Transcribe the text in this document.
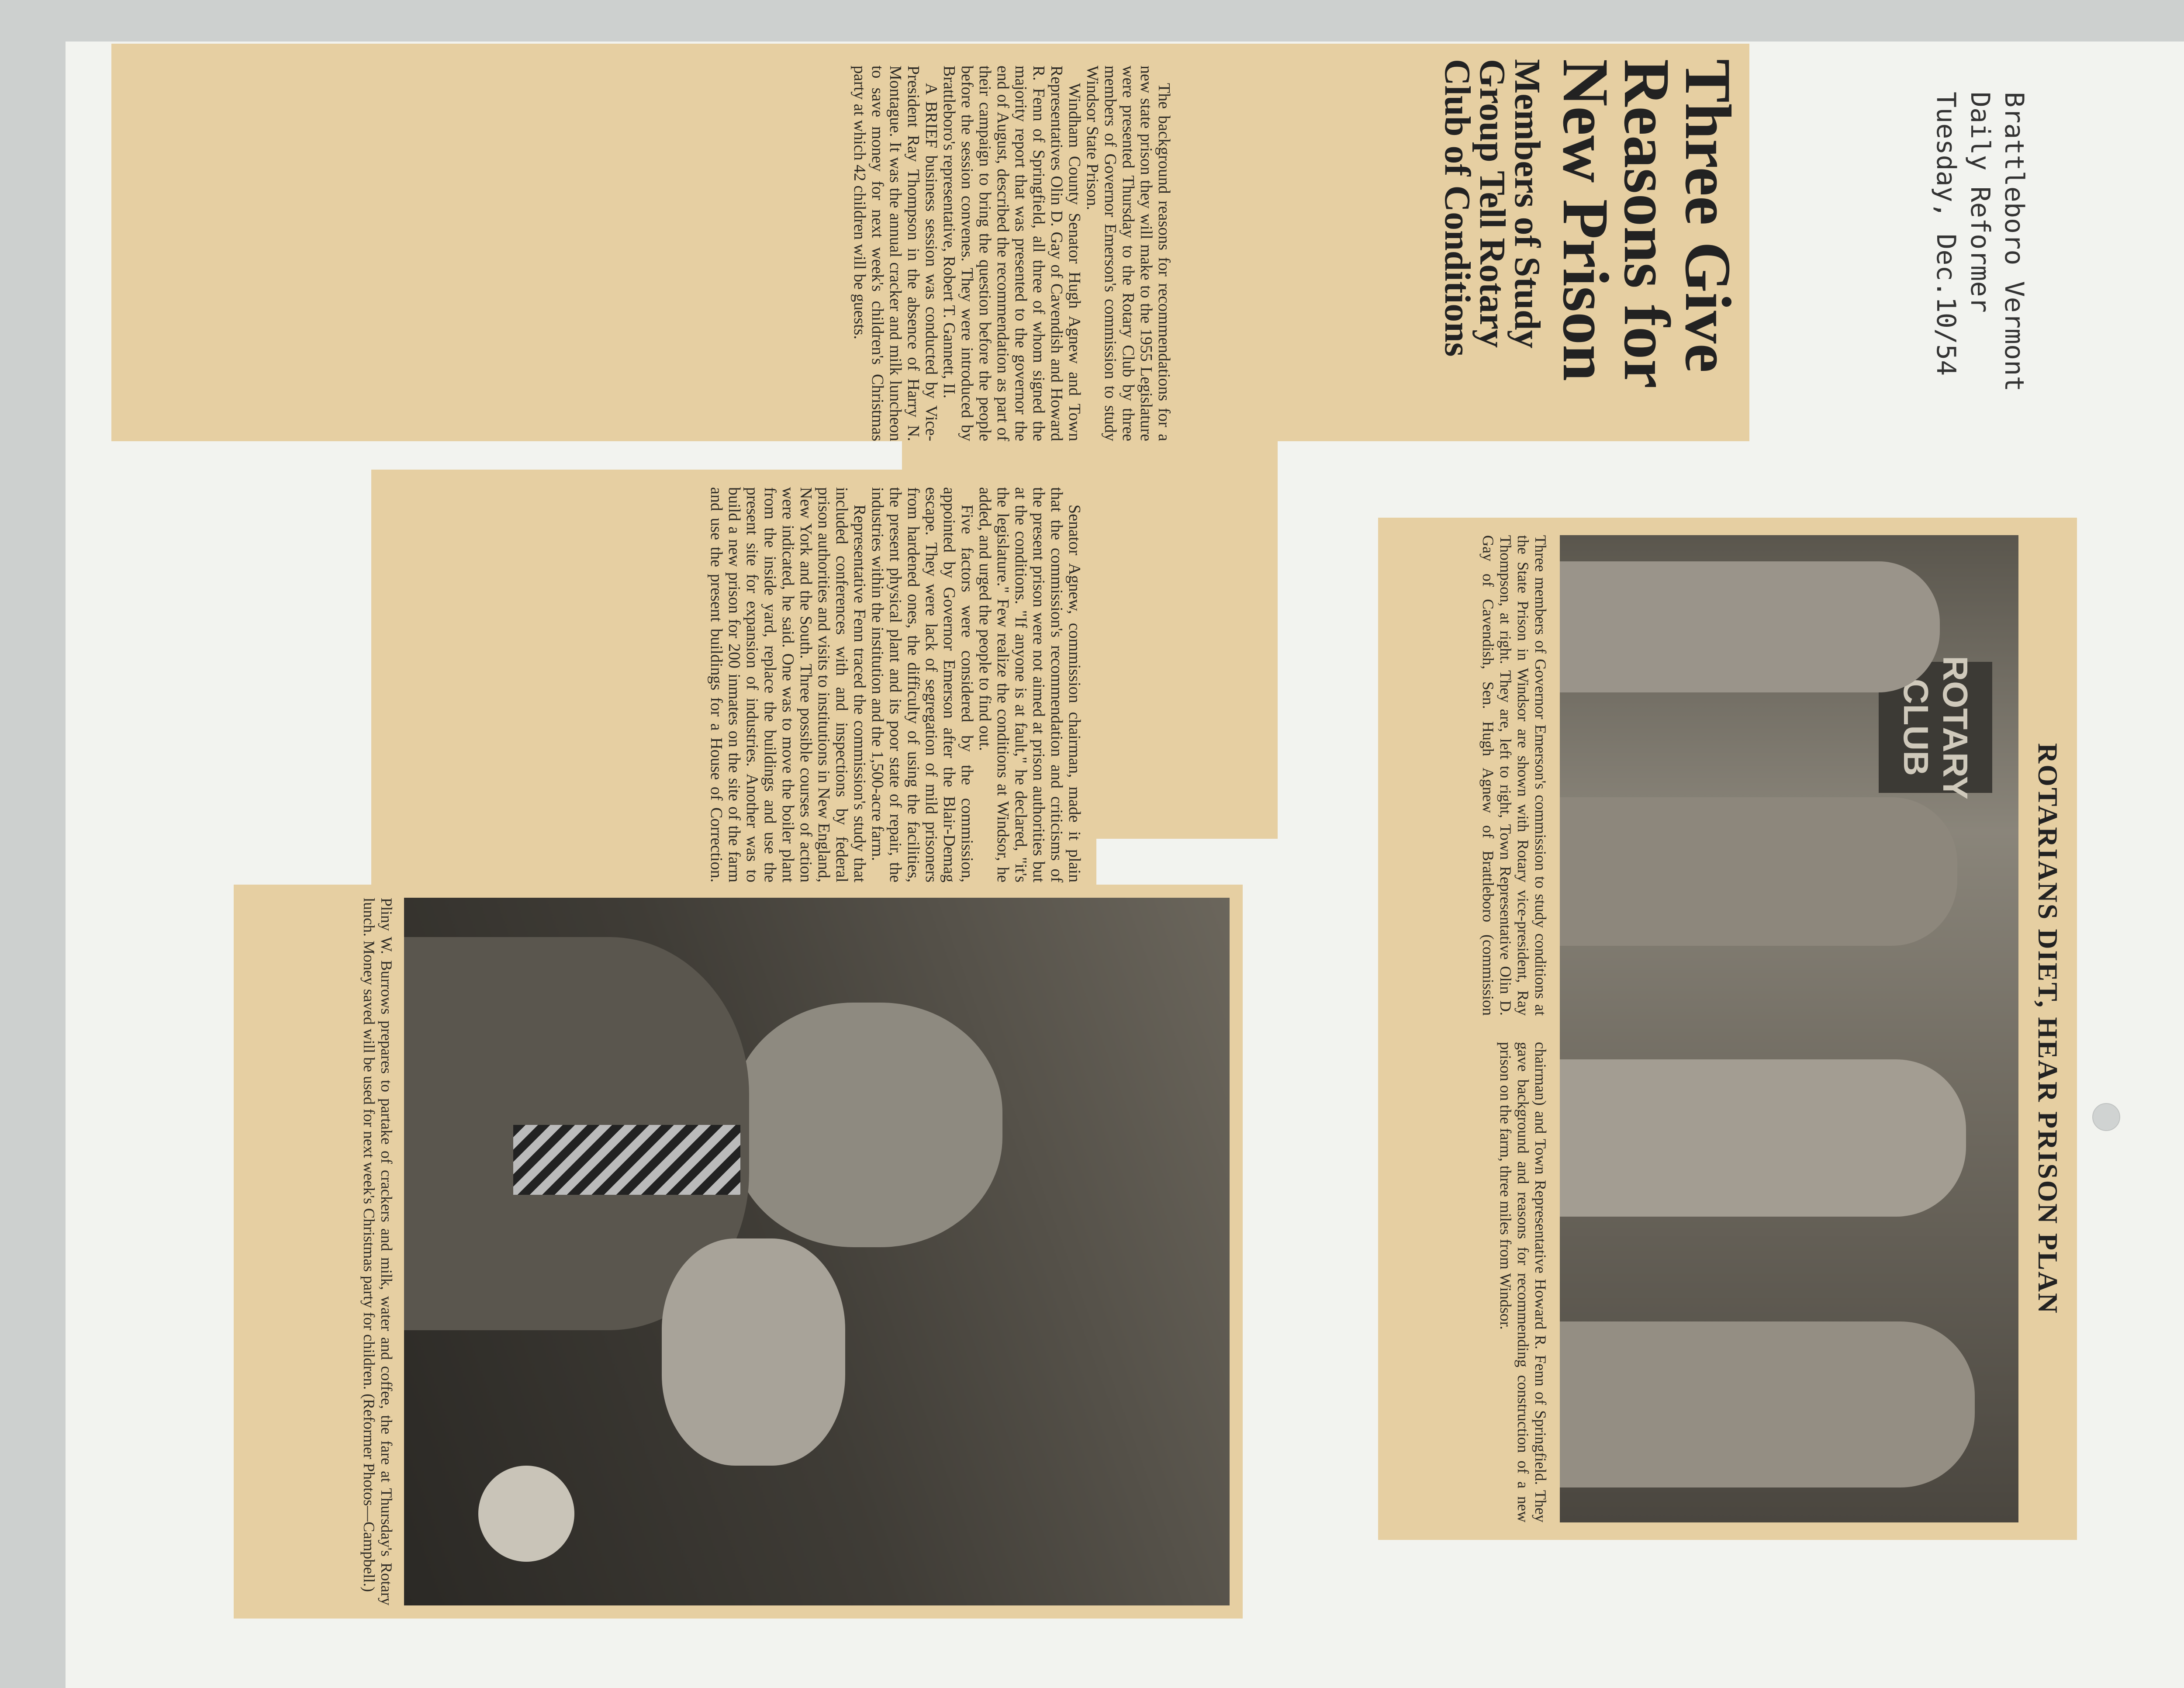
Brattleboro Vermont
Daily Reformer
Tuesday, Dec.10/54
Three Give
Reasons for
New Prison
Members of Study
Group Tell Rotary
Club of Conditions

The background reasons for recommendations for a new state prison they will make to the 1955 Legislature were presented Thursday to the Rotary Club by three members of Governor Emerson's commission to study Windsor State Prison.

Windham County Senator Hugh Agnew and Town Representatives Olin D. Gay of Cavendish and Howard R. Fenn of Springfield, all three of whom signed the majority report that was presented to the governor the end of August, described the recommendation as part of their campaign to bring the question before the people before the session convenes. They were introduced by Brattleboro's representative, Robert T. Gannett, II.

A BRIEF business session was conducted by Vice-President Ray Thompson in the absence of Harry N. Montague. It was the annual cracker and milk luncheon to save money for next week's children's Christmas party at which 42 children will be guests.

Senator Agnew, commission chairman, made it plain that the commission's recommendation and criticisms of the present prison were not aimed at prison authorities but at the conditions. "If anyone is at fault," he declared, "it's the legislature." Few realize the conditions at Windsor, he added, and urged the people to find out.

Five factors were considered by the commission, appointed by Governor Emerson after the Blair-Demag escape. They were lack of segregation of mild prisoners from hardened ones, the difficulty of using the facilities, the present physical plant and its poor state of repair, the industries within the institution and the 1,500-acre farm.

Representative Fenn traced the commission's study that included conferences with and inspections by federal prison authorities and visits to institutions in New England, New York and the South. Three possible courses of action were indicated, he said. One was to move the boiler plant from the inside yard, replace the buildings and use the present site for expansion of industries. Another was to build a new prison for 200 inmates on the site of the farm and use the present buildings for a House of Correction.	ROTARIANS DIET, HEAR PRISON PLAN
ROTARY CLUB
Three members of Governor Emerson's commission to study conditions at the State Prison in Windsor are shown with Rotary vice-president, Ray Thompson, at right. They are, left to right, Town Representative Olin D. Gay of Cavendish, Sen. Hugh Agnew of Brattleboro (commission chairman) and Town Representative Howard R. Fenn of Springfield. They gave background and reasons for recommending construction of a new prison on the farm, three miles from Windsor.
Pliny W. Burrows prepares to partake of crackers and milk, water and coffee, the fare at Thursday's Rotary lunch. Money saved will be used for next week's Christmas party for children. (Reformer Photos—Campbell.)
